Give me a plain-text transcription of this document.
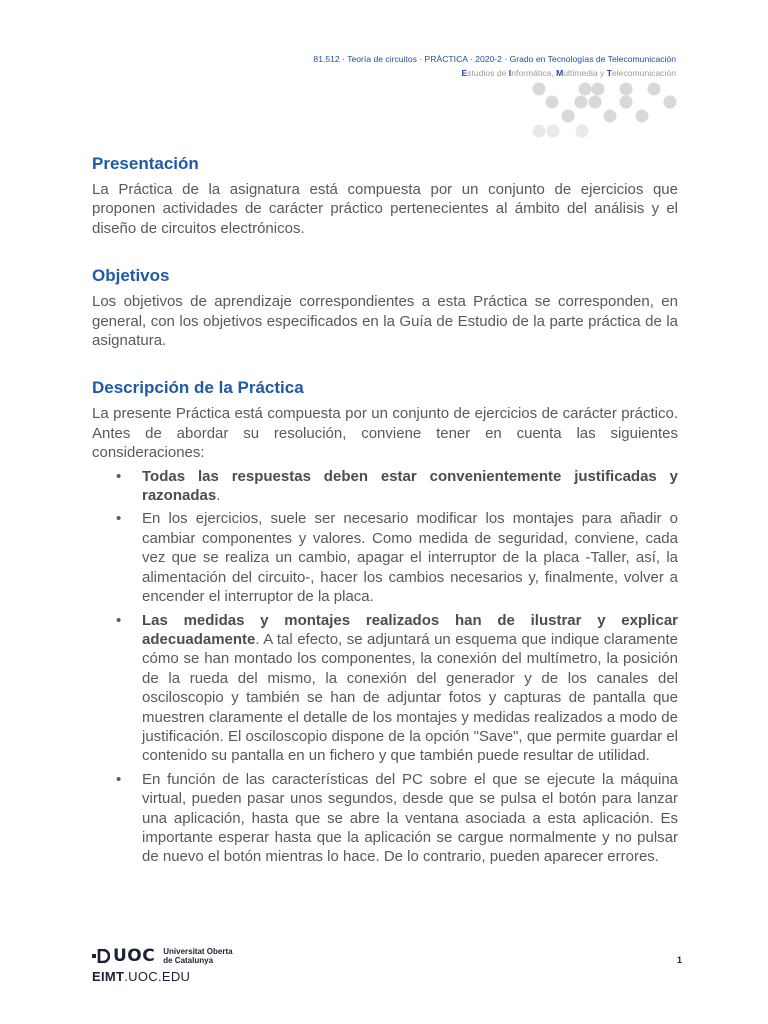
81.512 · Teoría de circuitos · PRÁCTICA · 2020-2 · Grado en Tecnologías de Telecomunicación
Estudios de Informática, Multimedia y Telecomunicación
Presentación

La Práctica de la asignatura está compuesta por un conjunto de ejercicios que proponen actividades de carácter práctico pertenecientes al ámbito del análisis y el diseño de circuitos electrónicos.

Objetivos

Los objetivos de aprendizaje correspondientes a esta Práctica se corresponden, en general, con los objetivos especificados en la Guía de Estudio de la parte práctica de la asignatura.

Descripción de la Práctica

La presente Práctica está compuesta por un conjunto de ejercicios de carácter práctico. Antes de abordar su resolución, conviene tener en cuenta las siguientes consideraciones:

• Todas las respuestas deben estar convenientemente justificadas y razonadas.
• En los ejercicios, suele ser necesario modificar los montajes para añadir o cambiar componentes y valores. Como medida de seguridad, conviene, cada vez que se realiza un cambio, apagar el interruptor de la placa -Taller, así, la alimentación del circuito-, hacer los cambios necesarios y, finalmente, volver a encender el interruptor de la placa.
• Las medidas y montajes realizados han de ilustrar y explicar adecuadamente. A tal efecto, se adjuntará un esquema que indique claramente cómo se han montado los componentes, la conexión del multímetro, la posición de la rueda del mismo, la conexión del generador y de los canales del osciloscopio y también se han de adjuntar fotos y capturas de pantalla que muestren claramente el detalle de los montajes y medidas realizados a modo de justificación. El osciloscopio dispone de la opción "Save", que permite guardar el contenido su pantalla en un fichero y que también puede resultar de utilidad.
• En función de las características del PC sobre el que se ejecute la máquina virtual, pueden pasar unos segundos, desde que se pulsa el botón para lanzar una aplicación, hasta que se abre la ventana asociada a esta aplicación. Es importante esperar hasta que la aplicación se cargue normalmente y no pulsar de nuevo el botón mientras lo hace. De lo contrario, pueden aparecer errores.
UOC Universitat Oberta
de Catalunya
EIMT.UOC.EDU
1
